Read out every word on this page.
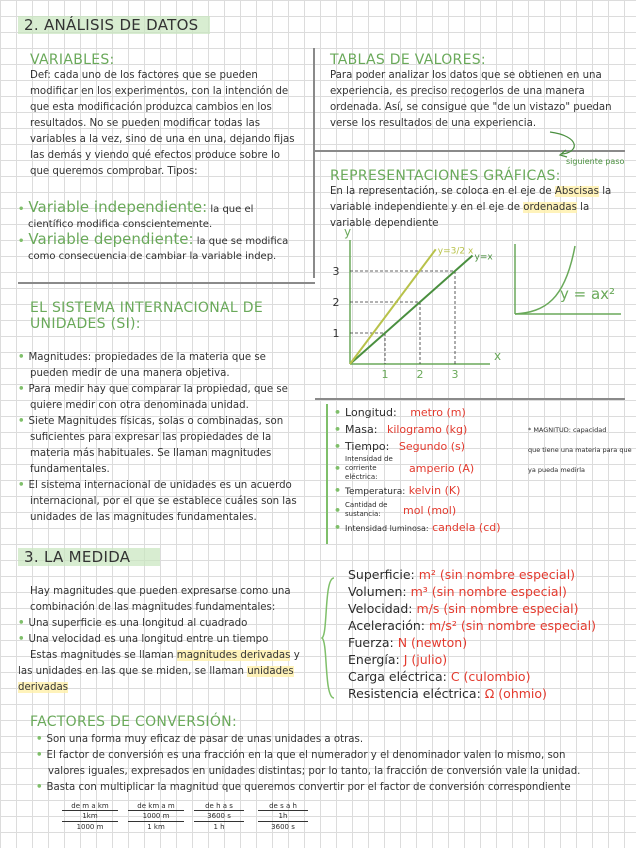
2. ANÁLISIS DE DATOS
VARIABLES:
Def: cada uno de los factores que se pueden
modificar en los experimentos, con la intención de
que esta modificación produzca cambios en los
resultados. No se pueden modificar todas las
variables a la vez, sino de una en una, dejando fijas
las demás y viendo qué efectos produce sobre lo
que queremos comprobar. Tipos:
• Variable independiente: la que el
científico modifica conscientemente.
• Variable dependiente: la que se modifica
como consecuencia de cambiar la variable indep.
TABLAS DE VALORES:
Para poder analizar los datos que se obtienen en una
experiencia, es preciso recogerlos de una manera
ordenada. Así, se consigue que "de un vistazo" puedan
verse los resultados de una experiencia.
siguiente paso
REPRESENTACIONES GRÁFICAS:
En la representación, se coloca en el eje de Abscisas la
variable independiente y en el eje de ordenadas la
variable dependiente
1	2	3
1
2
3
y=x
y=3/2 x
x
y
y = ax²
EL SISTEMA INTERNACIONAL DE
UNIDADES (SI):
• Magnitudes: propiedades de la materia que se
pueden medir de una manera objetiva.
• Para medir hay que comparar la propiedad, que se
quiere medir con otra denominada unidad.
• Siete Magnitudes físicas, solas o combinadas, son
suficientes para expresar las propiedades de la
materia más habituales. Se llaman magnitudes
fundamentales.
• El sistema internacional de unidades es un acuerdo
internacional, por el que se establece cuáles son las
unidades de las magnitudes fundamentales.
• Longitud: metro (m)
• Masa: kilogramo (kg)
• Tiempo: Segundo (s)
•
Intensidad de corriente eléctrica:
amperio (A)
• Temperatura: kelvin (K)
• Cantidad de sustancia:	mol (mol)
• Intensidad luminosa: candela (cd)
* MAGNITUD: capacidad
que tiene una materia para que
ya pueda medirla
3. LA MEDIDA
Hay magnitudes que pueden expresarse como una
combinación de las magnitudes fundamentales:
• Una superficie es una longitud al cuadrado
• Una velocidad es una longitud entre un tiempo
Estas magnitudes se llaman magnitudes derivadas y
las unidades en las que se miden, se llaman unidades
derivadas
Superficie: m² (sin nombre especial)
Volumen: m³ (sin nombre especial)
Velocidad: m/s (sin nombre especial)
Aceleración: m/s² (sin nombre especial)
Fuerza: N (newton)
Energía: J (julio)
Carga eléctrica: C (culombio)
Resistencia eléctrica: Ω (ohmio)
FACTORES DE CONVERSIÓN:
• Son una forma muy eficaz de pasar de unas unidades a otras.
• El factor de conversión es una fracción en la que el numerador y el denominador valen lo mismo, son
valores iguales, expresados en unidades distintas; por lo tanto, la fracción de conversión vale la unidad.
• Basta con multiplicar la magnitud que queremos convertir por el factor de conversión correspondiente
de m a km
1km
1000 m
de km a m
1000 m
1 km
de h a s
3600 s
1 h
de s a h
1h
3600 s
